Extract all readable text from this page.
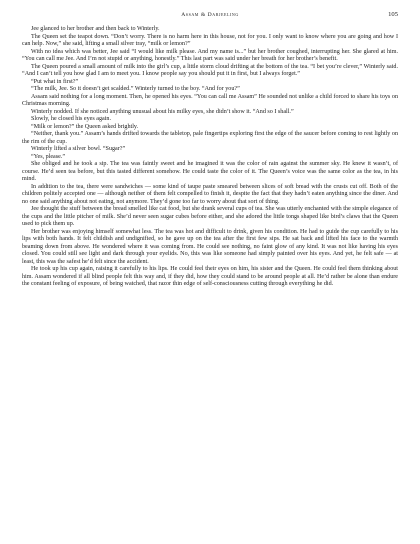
Assam & Darjeeling	105

Jee glanced to her brother and then back to Winterly.

The Queen set the teapot down. “Don’t worry. There is no harm here in this house, not for you. I only want to know where you are going and how I can help. Now,” she said, lifting a small silver tray, “milk or lemon?”

With no idea which was better, Jee said “I would like milk please. And my name is...” but her brother coughed, interrupting her. She glared at him. “You can call me Jee. And I’m not stupid or anything, honestly.” This last part was said under her breath for her brother’s benefit.

The Queen poured a small amount of milk into the girl’s cup, a little storm cloud drifting at the bottom of the tea. “I bet you’re clever,” Winterly said. “And I can’t tell you how glad I am to meet you. I know people say you should put it in first, but I always forget.”

“Put what in first?”

“The milk, Jee. So it doesn’t get scalded.” Winterly turned to the boy. “And for you?”

Assam said nothing for a long moment. Then, he opened his eyes. “You can call me Assam” He sounded not unlike a child forced to share his toys on Christmas morning.

Winterly nodded. If she noticed anything unusual about his milky eyes, she didn’t show it. “And so I shall.”

Slowly, he closed his eyes again.

“Milk or lemon?” the Queen asked brightly.

“Neither, thank you.” Assam’s hands drifted towards the tabletop, pale fingertips exploring first the edge of the saucer before coming to rest lightly on the rim of the cup.

Winterly lifted a silver bowl. “Sugar?”

“Yes, please.”

She obliged and he took a sip. The tea was faintly sweet and he imagined it was the color of rain against the summer sky. He knew it wasn’t, of course. He’d seen tea before, but this tasted different somehow. He could taste the color of it. The Queen’s voice was the same color as the tea, in his mind.

In addition to the tea, there were sandwiches — some kind of taupe paste smeared between slices of soft bread with the crusts cut off. Both of the children politely accepted one — although neither of them felt compelled to finish it, despite the fact that they hadn’t eaten anything since the diner. And no one said anything about not eating, not anymore. They’d gone too far to worry about that sort of thing.

Jee thought the stuff between the bread smelled like cat food, but she drank several cups of tea. She was utterly enchanted with the simple elegance of the cups and the little pitcher of milk. She’d never seen sugar cubes before either, and she adored the little tongs shaped like bird’s claws that the Queen used to pick them up.

Her brother was enjoying himself somewhat less. The tea was hot and difficult to drink, given his condition. He had to guide the cup carefully to his lips with both hands. It felt childish and undignified, so he gave up on the tea after the first few sips. He sat back and lifted his face to the warmth beaming down from above. He wondered where it was coming from. He could see nothing, no faint glow of any kind. It was not like having his eyes closed. You could still see light and dark through your eyelids. No, this was like someone had simply painted over his eyes. And yet, he felt safe — at least, this was the safest he’d felt since the accident.

He took up his cup again, raising it carefully to his lips. He could feel their eyes on him, his sister and the Queen. He could feel them thinking about him. Assam wondered if all blind people felt this way and, if they did, how they could stand to be around people at all. He’d rather be alone than endure the constant feeling of exposure, of being watched, that razor thin edge of self-consciousness cutting through everything he did.
